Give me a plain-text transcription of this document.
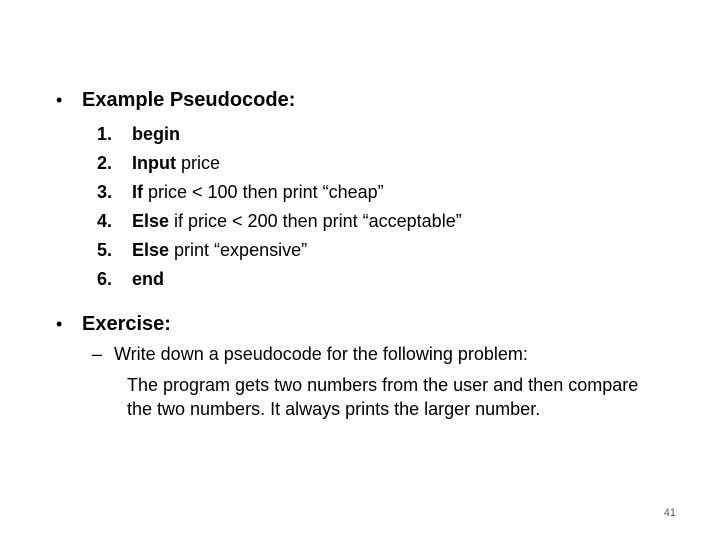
• Example Pseudocode:
1. begin
2. Input price
3. If price < 100 then print “cheap”
4. Else if price < 200 then print “acceptable”
5. Else print “expensive”
6. end
• Exercise:
– Write down a pseudocode for the following problem:
The program gets two numbers from the user and then compare the two numbers. It always prints the larger number.
41
